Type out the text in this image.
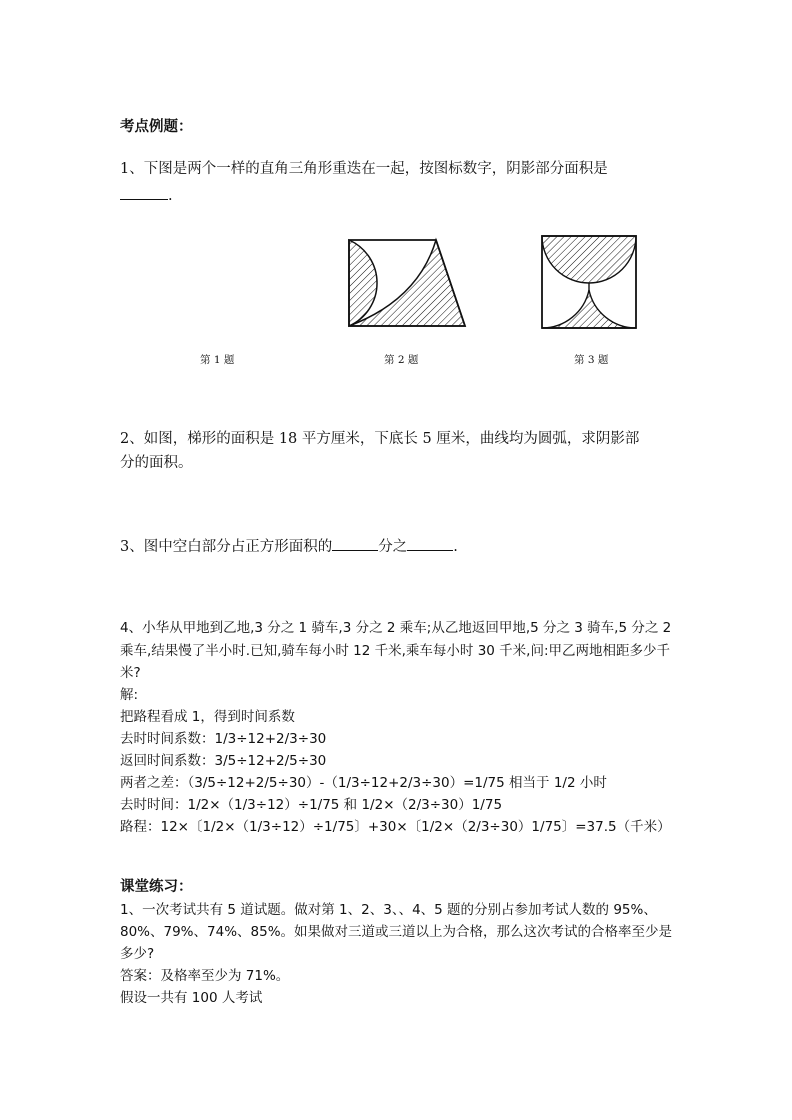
考点例题：
1、下图是两个一样的直角三角形重迭在一起，按图标数字，阴影部分面积是
.
第 1 题	第 2 题	第 3 题
2、如图，梯形的面积是 18 平方厘米，下底长 5 厘米，曲线均为圆弧，求阴影部
分的面积。
3、图中空白部分占正方形面积的	分之	.
4、小华从甲地到乙地,3 分之 1 骑车,3 分之 2 乘车;从乙地返回甲地,5 分之 3 骑车,5 分之 2
乘车,结果慢了半小时.已知,骑车每小时 12 千米,乘车每小时 30 千米,问:甲乙两地相距多少千
米?
解:
把路程看成 1，得到时间系数
去时时间系数：1/3÷12+2/3÷30
返回时间系数：3/5÷12+2/5÷30
两者之差：（3/5÷12+2/5÷30）-（1/3÷12+2/3÷30）=1/75 相当于 1/2 小时
去时时间：1/2×（1/3÷12）÷1/75 和 1/2×（2/3÷30）1/75
路程：12×〔1/2×（1/3÷12）÷1/75〕+30×〔1/2×（2/3÷30）1/75〕=37.5（千米）
课堂练习：
1、一次考试共有 5 道试题。做对第 1、2、3、、4、5 题的分别占参加考试人数的 95%、
80%、79%、74%、85%。如果做对三道或三道以上为合格，那么这次考试的合格率至少是
多少?
答案：及格率至少为 71%。
假设一共有 100 人考试
